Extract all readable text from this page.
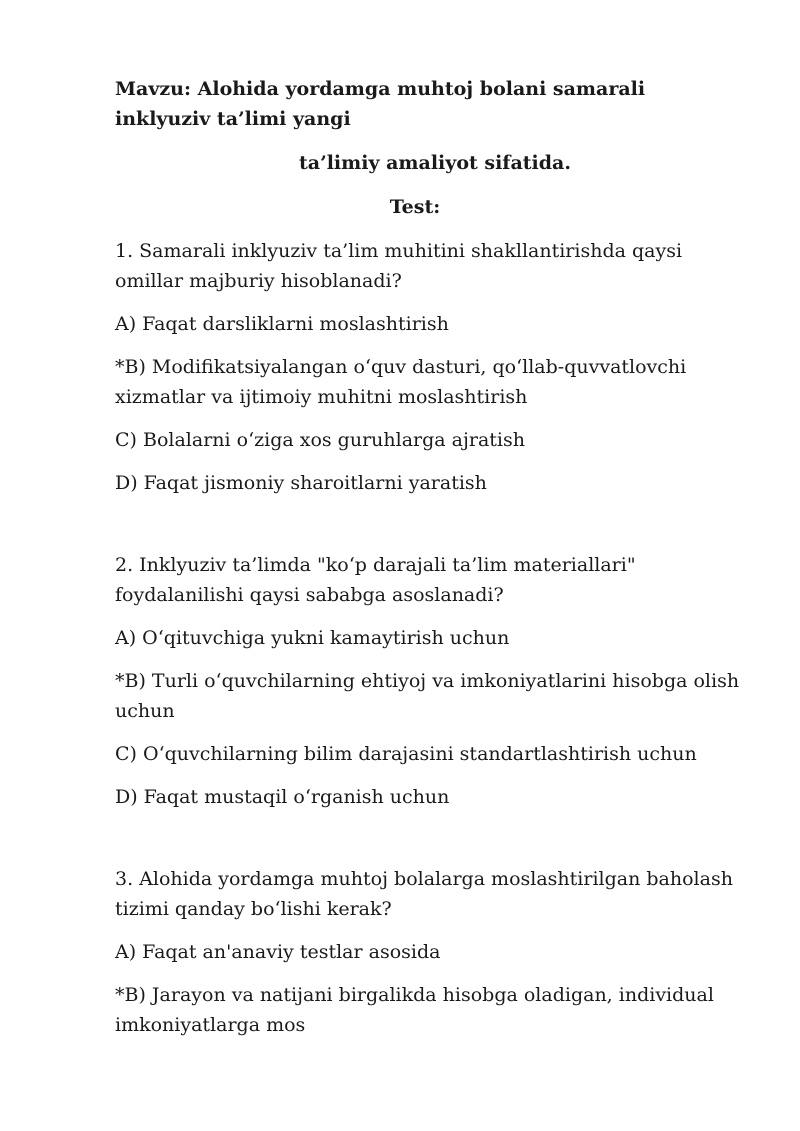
Mavzu: Alohida yordamga muhtoj bolani samarali inklyuziv ta’limi yangi

ta’limiy amaliyot sifatida.

Test:

1. Samarali inklyuziv ta’lim muhitini shakllantirishda qaysi omillar majburiy hisoblanadi?

A) Faqat darsliklarni moslashtirish

*B) Modifikatsiyalangan o‘quv dasturi, qo‘llab-quvvatlovchi xizmatlar va ijtimoiy muhitni moslashtirish

C) Bolalarni o‘ziga xos guruhlarga ajratish

D) Faqat jismoniy sharoitlarni yaratish

2. Inklyuziv ta’limda "ko‘p darajali ta’lim materiallari" foydalanilishi qaysi sababga asoslanadi?

A) O‘qituvchiga yukni kamaytirish uchun

*B) Turli o‘quvchilarning ehtiyoj va imkoniyatlarini hisobga olish uchun

C) O‘quvchilarning bilim darajasini standartlashtirish uchun

D) Faqat mustaqil o‘rganish uchun

3. Alohida yordamga muhtoj bolalarga moslashtirilgan baholash tizimi qanday bo‘lishi kerak?

A) Faqat an'anaviy testlar asosida

*B) Jarayon va natijani birgalikda hisobga oladigan, individual imkoniyatlarga mos
